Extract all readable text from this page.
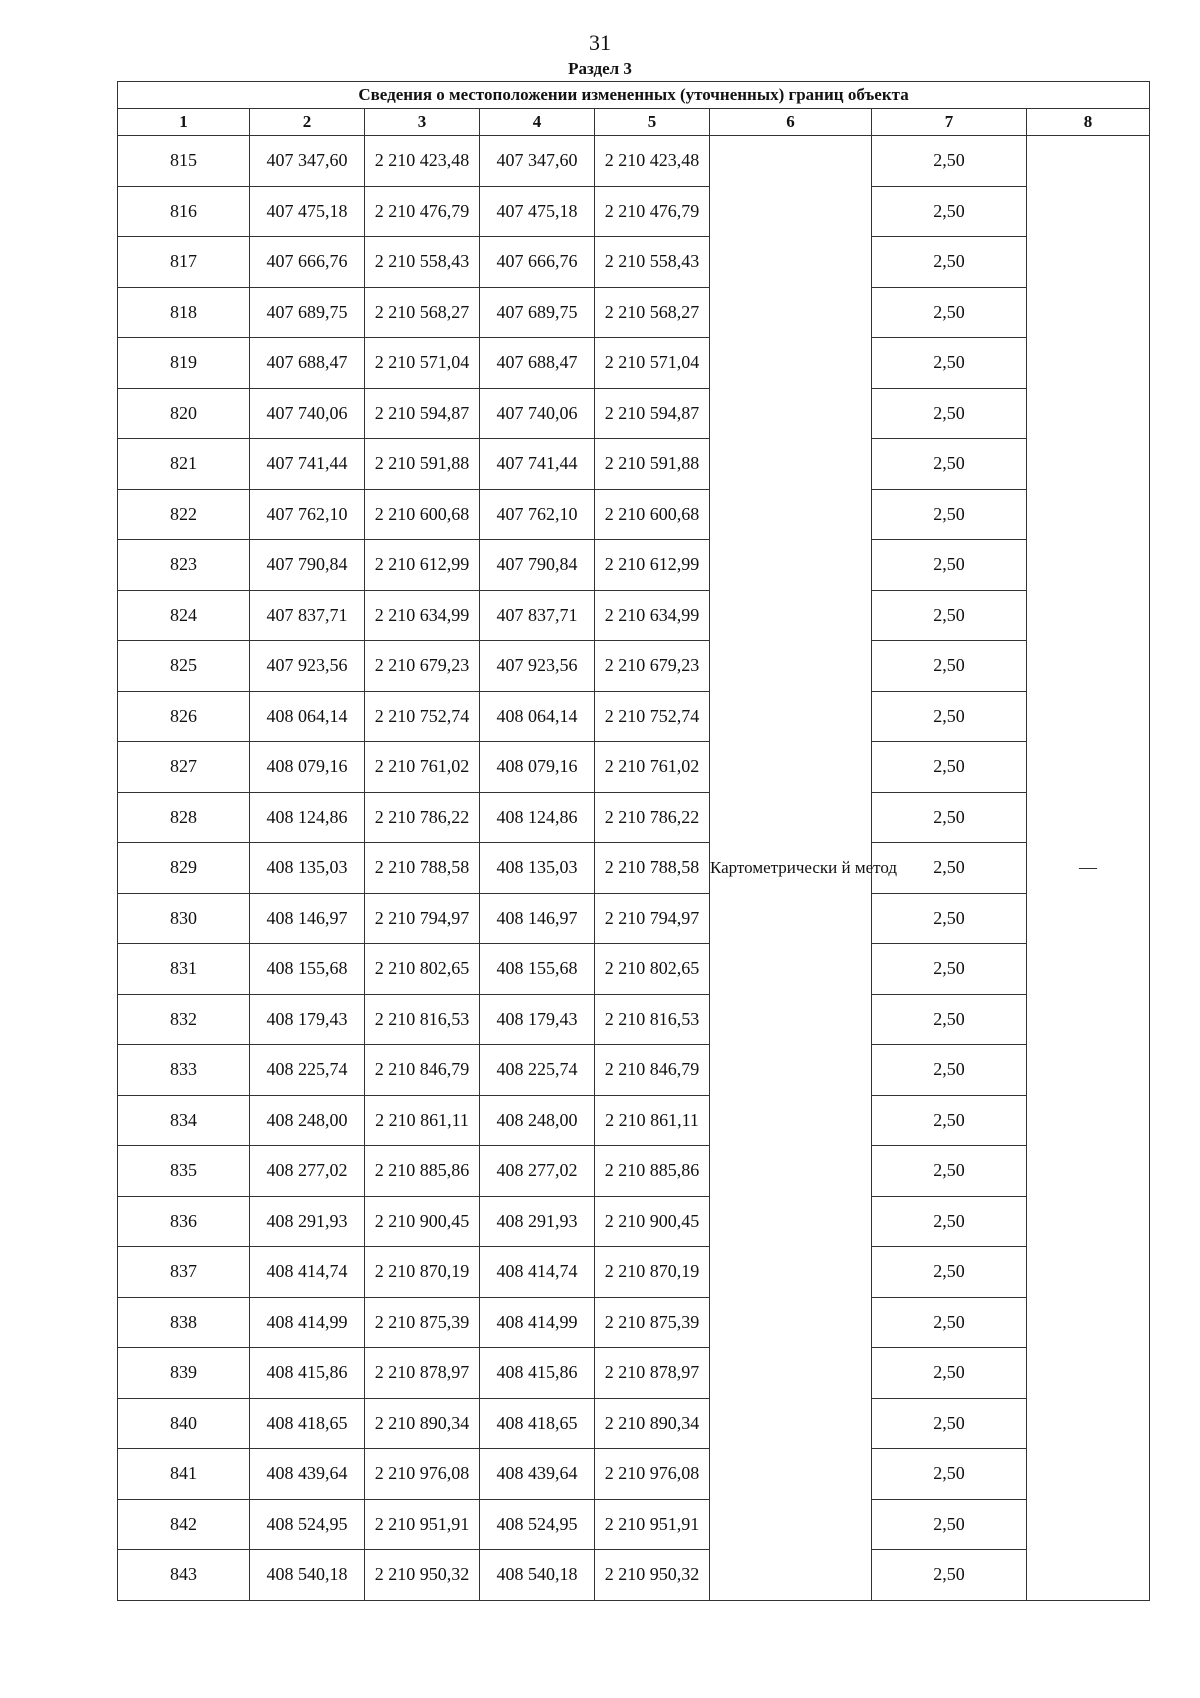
31
Раздел 3
Сведения о местоположении измененных (уточненных) границ объекта							
1	2	3	4	5	6	7	8
815	407 347,60	2 210 423,48	407 347,60	2 210 423,48	Картометрически й метод	2,50	—
816	407 475,18	2 210 476,79	407 475,18	2 210 476,79		2,50	
817	407 666,76	2 210 558,43	407 666,76	2 210 558,43		2,50	
818	407 689,75	2 210 568,27	407 689,75	2 210 568,27		2,50	
819	407 688,47	2 210 571,04	407 688,47	2 210 571,04		2,50	
820	407 740,06	2 210 594,87	407 740,06	2 210 594,87		2,50	
821	407 741,44	2 210 591,88	407 741,44	2 210 591,88		2,50	
822	407 762,10	2 210 600,68	407 762,10	2 210 600,68		2,50	
823	407 790,84	2 210 612,99	407 790,84	2 210 612,99		2,50	
824	407 837,71	2 210 634,99	407 837,71	2 210 634,99		2,50	
825	407 923,56	2 210 679,23	407 923,56	2 210 679,23		2,50	
826	408 064,14	2 210 752,74	408 064,14	2 210 752,74		2,50	
827	408 079,16	2 210 761,02	408 079,16	2 210 761,02		2,50	
828	408 124,86	2 210 786,22	408 124,86	2 210 786,22		2,50	
829	408 135,03	2 210 788,58	408 135,03	2 210 788,58		2,50	
830	408 146,97	2 210 794,97	408 146,97	2 210 794,97		2,50	
831	408 155,68	2 210 802,65	408 155,68	2 210 802,65		2,50	
832	408 179,43	2 210 816,53	408 179,43	2 210 816,53		2,50	
833	408 225,74	2 210 846,79	408 225,74	2 210 846,79		2,50	
834	408 248,00	2 210 861,11	408 248,00	2 210 861,11		2,50	
835	408 277,02	2 210 885,86	408 277,02	2 210 885,86		2,50	
836	408 291,93	2 210 900,45	408 291,93	2 210 900,45		2,50	
837	408 414,74	2 210 870,19	408 414,74	2 210 870,19		2,50	
838	408 414,99	2 210 875,39	408 414,99	2 210 875,39		2,50	
839	408 415,86	2 210 878,97	408 415,86	2 210 878,97		2,50	
840	408 418,65	2 210 890,34	408 418,65	2 210 890,34		2,50	
841	408 439,64	2 210 976,08	408 439,64	2 210 976,08		2,50	
842	408 524,95	2 210 951,91	408 524,95	2 210 951,91		2,50	
843	408 540,18	2 210 950,32	408 540,18	2 210 950,32		2,50	
